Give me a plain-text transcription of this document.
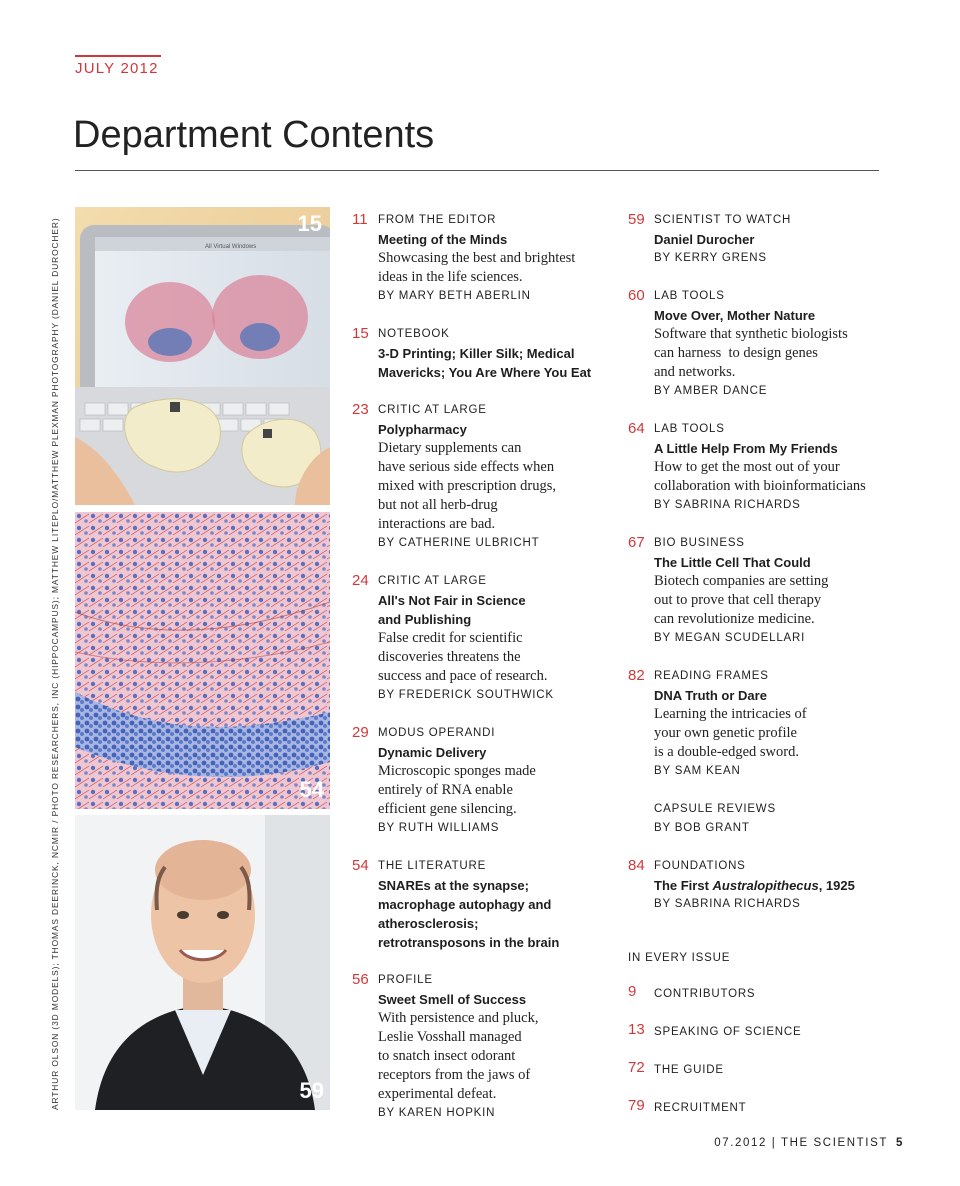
JULY 2012
Department Contents
ARTHUR OLSON (3D MODELS); THOMAS DEERINCK, NCMIR / PHOTO RESEARCHERS, INC (HIPPOCAMPUS); MATTHEW LITEPLO/MATTHEW PLEXMAN PHOTOGRAPHY (DANIEL DUROCHER)	All Virtual Windows
15
54
59
11 FROM THE EDITOR
Meeting of the Minds
Showcasing the best and brightest
ideas in the life sciences.
BY MARY BETH ABERLIN
15 NOTEBOOK
3-D Printing; Killer Silk; Medical Mavericks; You Are Where You Eat
23 CRITIC AT LARGE
Polypharmacy
Dietary supplements can
have serious side effects when
mixed with prescription drugs,
but not all herb-drug
interactions are bad.
BY CATHERINE ULBRICHT
24 CRITIC AT LARGE
All's Not Fair in Science and Publishing
False credit for scientific
discoveries threatens the
success and pace of research.
BY FREDERICK SOUTHWICK
29 MODUS OPERANDI
Dynamic Delivery
Microscopic sponges made
entirely of RNA enable
efficient gene silencing.
BY RUTH WILLIAMS
54 THE LITERATURE
SNAREs at the synapse; macrophage autophagy and atherosclerosis; retrotransposons in the brain
56 PROFILE
Sweet Smell of Success
With persistence and pluck,
Leslie Vosshall managed
to snatch insect odorant
receptors from the jaws of
experimental defeat.
BY KAREN HOPKIN
59 SCIENTIST TO WATCH
Daniel Durocher
BY KERRY GRENS
60 LAB TOOLS
Move Over, Mother Nature
Software that synthetic biologists
can harness  to design genes
and networks.
BY AMBER DANCE
64 LAB TOOLS
A Little Help From My Friends
How to get the most out of your
collaboration with bioinformaticians
BY SABRINA RICHARDS
67 BIO BUSINESS
The Little Cell That Could
Biotech companies are setting
out to prove that cell therapy
can revolutionize medicine.
BY MEGAN SCUDELLARI
82 READING FRAMES
DNA Truth or Dare
Learning the intricacies of
your own genetic profile
is a double-edged sword.
BY SAM KEAN
CAPSULE REVIEWS
BY BOB GRANT
84 FOUNDATIONS
The First Australopithecus, 1925
BY SABRINA RICHARDS
IN EVERY ISSUE
9 CONTRIBUTORS
13 SPEAKING OF SCIENCE
72 THE GUIDE
79 RECRUITMENT
07.2012 | THE SCIENTIST 5
